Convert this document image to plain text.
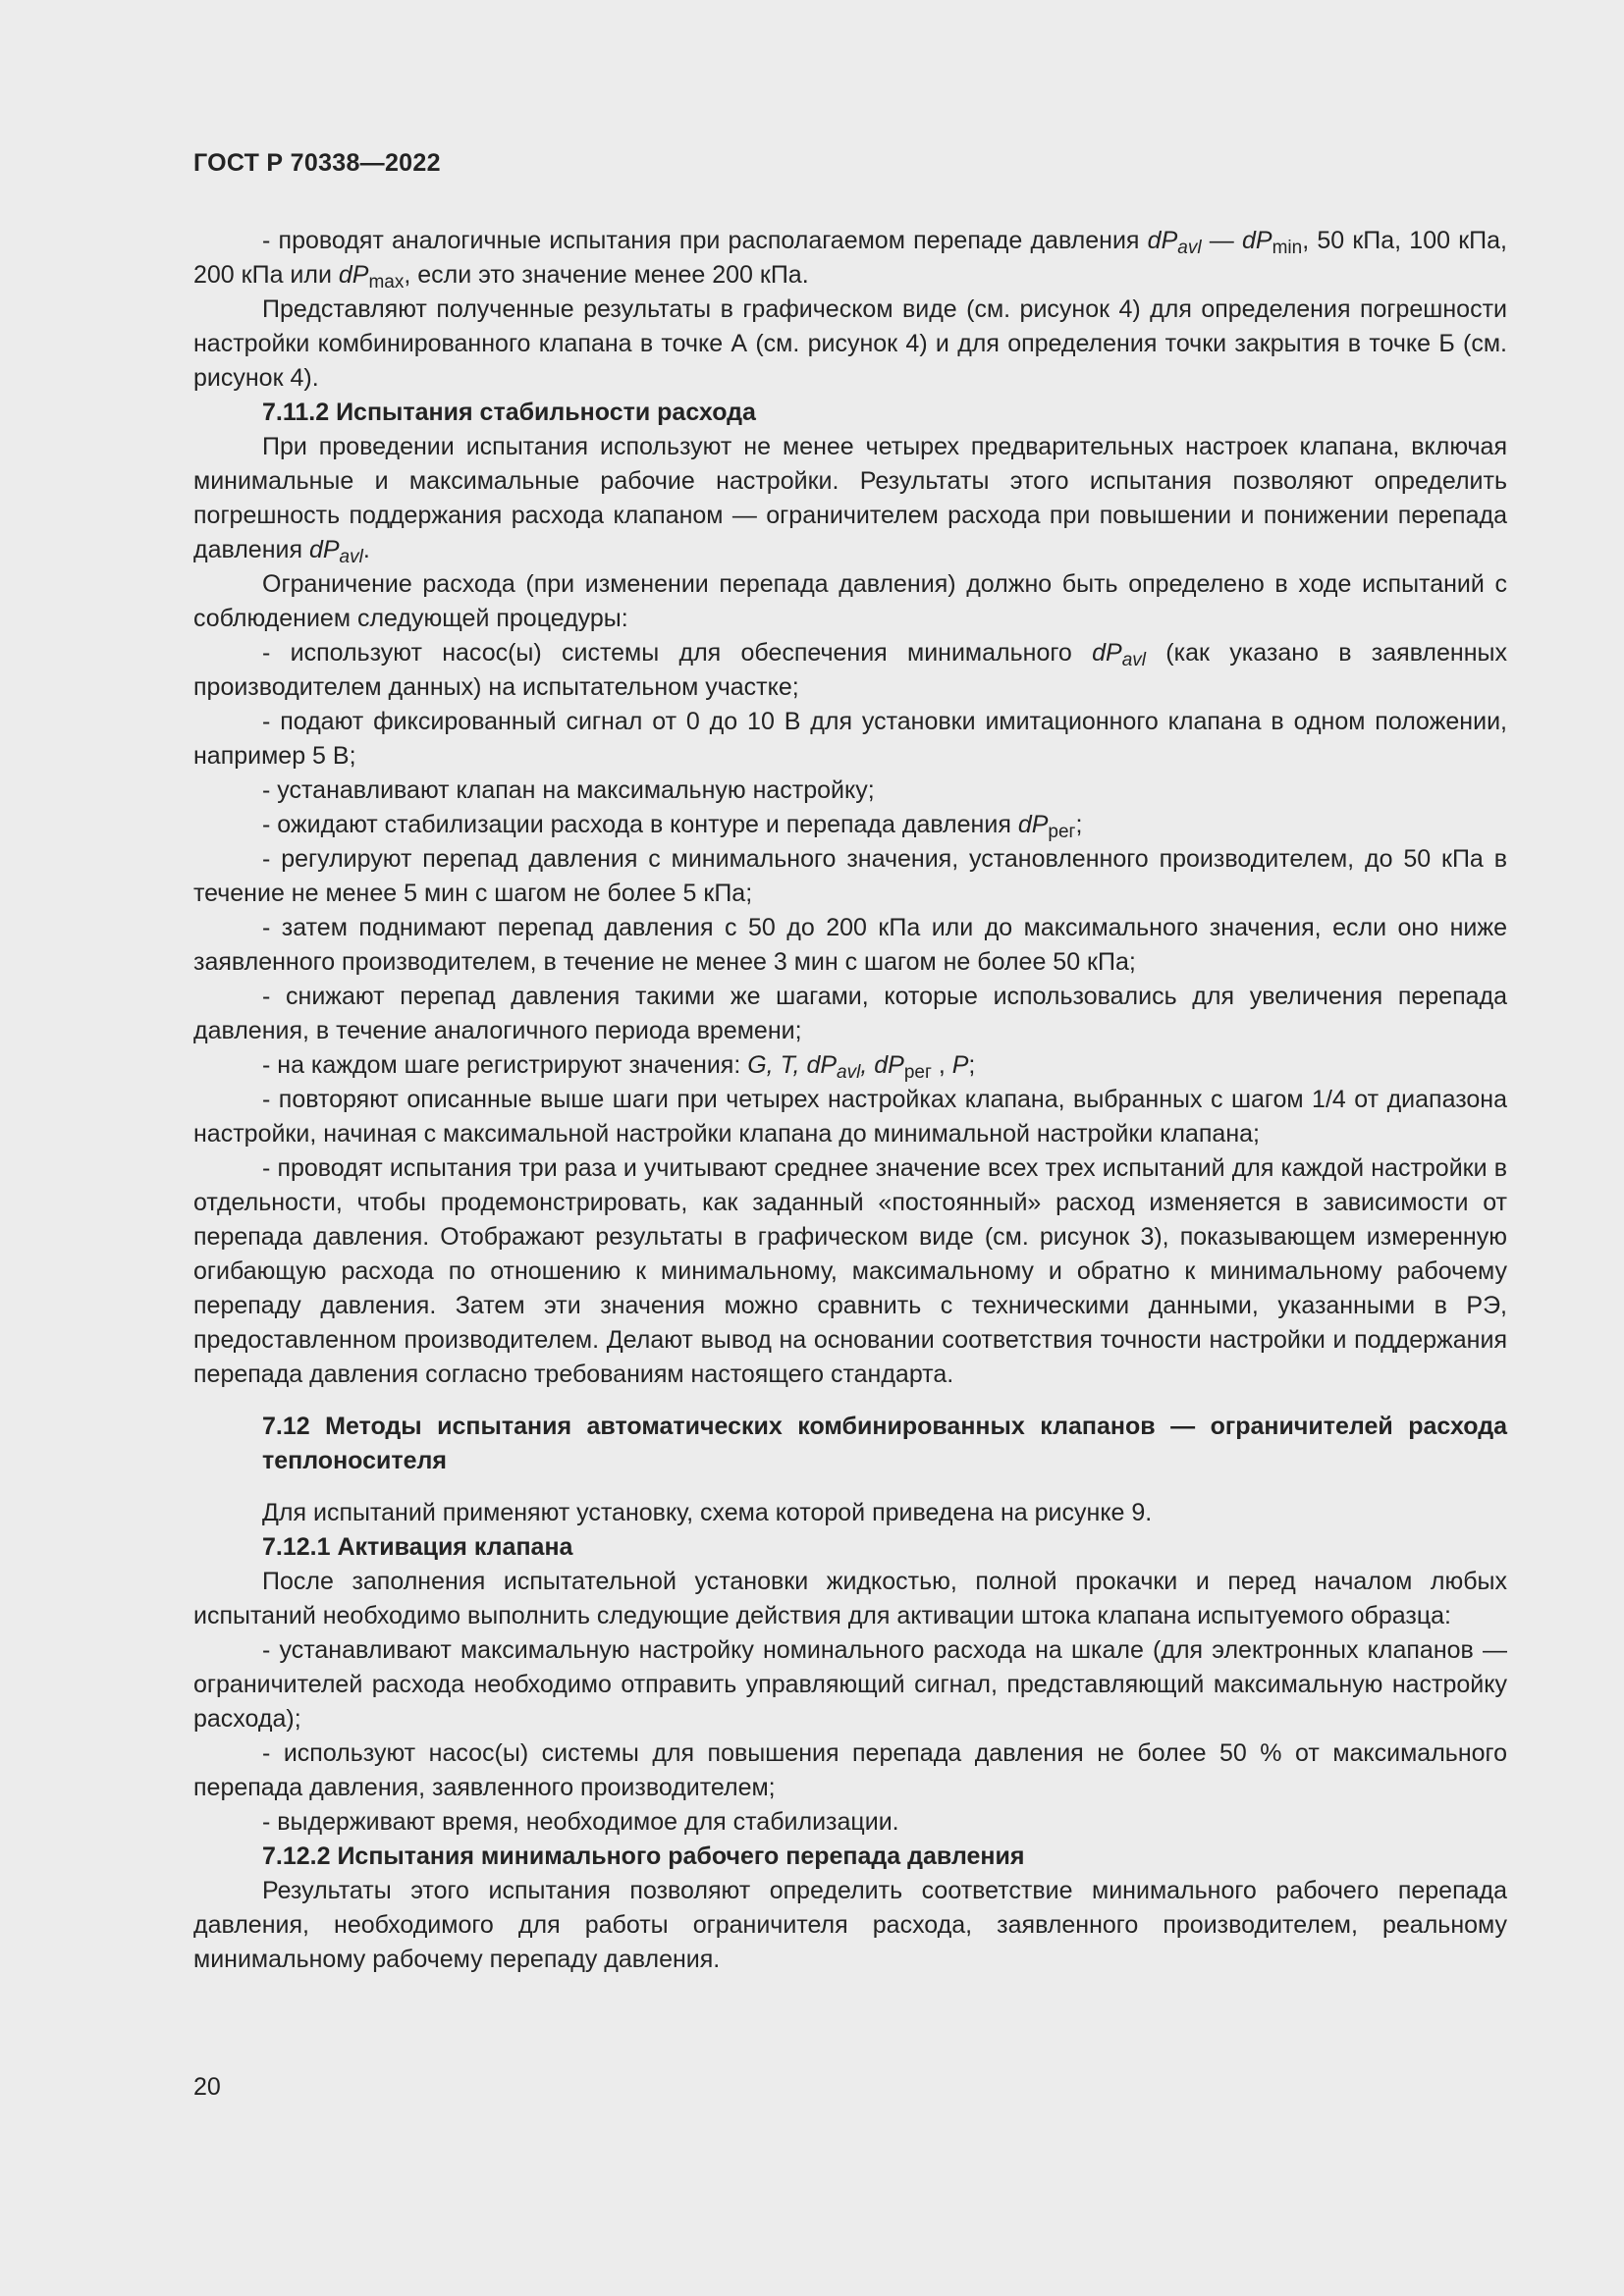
ГОСТ Р 70338—2022

- проводят аналогичные испытания при располагаемом перепаде давления $dP_{avl}$ — $dP_{min}$, 50 кПа, 100 кПа, 200 кПа или $dP_{max}$, если это значение менее 200 кПа.

Представляют полученные результаты в графическом виде (см. рисунок 4) для определения погрешности настройки комбинированного клапана в точке А (см. рисунок 4) и для определения точки закрытия в точке Б (см. рисунок 4).

7.11.2 Испытания стабильности расхода

При проведении испытания используют не менее четырех предварительных настроек клапана, включая минимальные и максимальные рабочие настройки. Результаты этого испытания позволяют определить погрешность поддержания расхода клапаном — ограничителем расхода при повышении и понижении перепада давления $dP_{avl}$.

Ограничение расхода (при изменении перепада давления) должно быть определено в ходе испытаний с соблюдением следующей процедуры:

- используют насос(ы) системы для обеспечения минимального $dP_{avl}$ (как указано в заявленных производителем данных) на испытательном участке;

- подают фиксированный сигнал от 0 до 10 В для установки имитационного клапана в одном положении, например 5 В;

- устанавливают клапан на максимальную настройку;

- ожидают стабилизации расхода в контуре и перепада давления $dP_{рег}$;

- регулируют перепад давления с минимального значения, установленного производителем, до 50 кПа в течение не менее 5 мин с шагом не более 5 кПа;

- затем поднимают перепад давления с 50 до 200 кПа или до максимального значения, если оно ниже заявленного производителем, в течение не менее 3 мин с шагом не более 50 кПа;

- снижают перепад давления такими же шагами, которые использовались для увеличения перепада давления, в течение аналогичного периода времени;

- на каждом шаге регистрируют значения: G, T, $dP_{avl}$, $dP_{рег}$ , P;

- повторяют описанные выше шаги при четырех настройках клапана, выбранных с шагом 1/4 от диапазона настройки, начиная с максимальной настройки клапана до минимальной настройки клапана;

- проводят испытания три раза и учитывают среднее значение всех трех испытаний для каждой настройки в отдельности, чтобы продемонстрировать, как заданный «постоянный» расход изменяется в зависимости от перепада давления. Отображают результаты в графическом виде (см. рисунок 3), показывающем измеренную огибающую расхода по отношению к минимальному, максимальному и обратно к минимальному рабочему перепаду давления. Затем эти значения можно сравнить с техническими данными, указанными в РЭ, предоставленном производителем. Делают вывод на основании соответствия точности настройки и поддержания перепада давления согласно требованиям настоящего стандарта.

7.12 Методы испытания автоматических комбинированных клапанов — ограничителей расхода теплоносителя

Для испытаний применяют установку, схема которой приведена на рисунке 9.

7.12.1 Активация клапана

После заполнения испытательной установки жидкостью, полной прокачки и перед началом любых испытаний необходимо выполнить следующие действия для активации штока клапана испытуемого образца:

- устанавливают максимальную настройку номинального расхода на шкале (для электронных клапанов — ограничителей расхода необходимо отправить управляющий сигнал, представляющий максимальную настройку расхода);

- используют насос(ы) системы для повышения перепада давления не более 50 % от максимального перепада давления, заявленного производителем;

- выдерживают время, необходимое для стабилизации.

7.12.2 Испытания минимального рабочего перепада давления

Результаты этого испытания позволяют определить соответствие минимального рабочего перепада давления, необходимого для работы ограничителя расхода, заявленного производителем, реальному минимальному рабочему перепаду давления.

20
